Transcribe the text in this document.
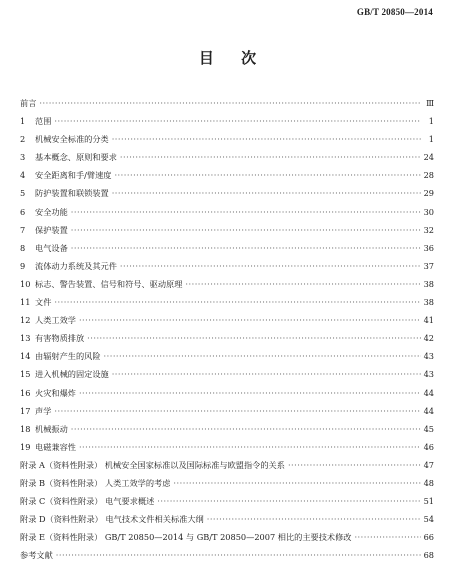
GB/T 20850—2014
目 次
前言 ·····	Ⅲ
1	范围 ·····	1
2	机械安全标准的分类 ·····	1
3	基本概念、原则和要求 ·····	24
4	安全距离和手/臂速度 ·····	28
5	防护装置和联锁装置 ·····	29
6	安全功能 ·····	30
7	保护装置 ·····	32
8	电气设备 ·····	36
9	流体动力系统及其元件 ·····	37
10 标志、警告装置、信号和符号、驱动原理 ·····	38
11 文件 ·····	38
12 人类工效学 ·····	41
13 有害物质排放 ·····	42
14 由辐射产生的风险 ·····	43
15 进入机械的固定设施 ·····	43
16 火灾和爆炸 ·····	44
17 声学 ·····	44
18 机械振动 ·····	45
19 电磁兼容性 ·····	46
附录 A（资料性附录） 机械安全国家标准以及国际标准与欧盟指令的关系 ·····	47
附录 B（资料性附录） 人类工效学的考虑 ·····	48
附录 C（资料性附录） 电气要求概述 ·····	51
附录 D（资料性附录） 电气技术文件相关标准大纲 ·····	54
附录 E（资料性附录） GB/T 20850—2014 与 GB/T 20850—2007 相比的主要技术修改 ·····	66
参考文献 ·····	68
